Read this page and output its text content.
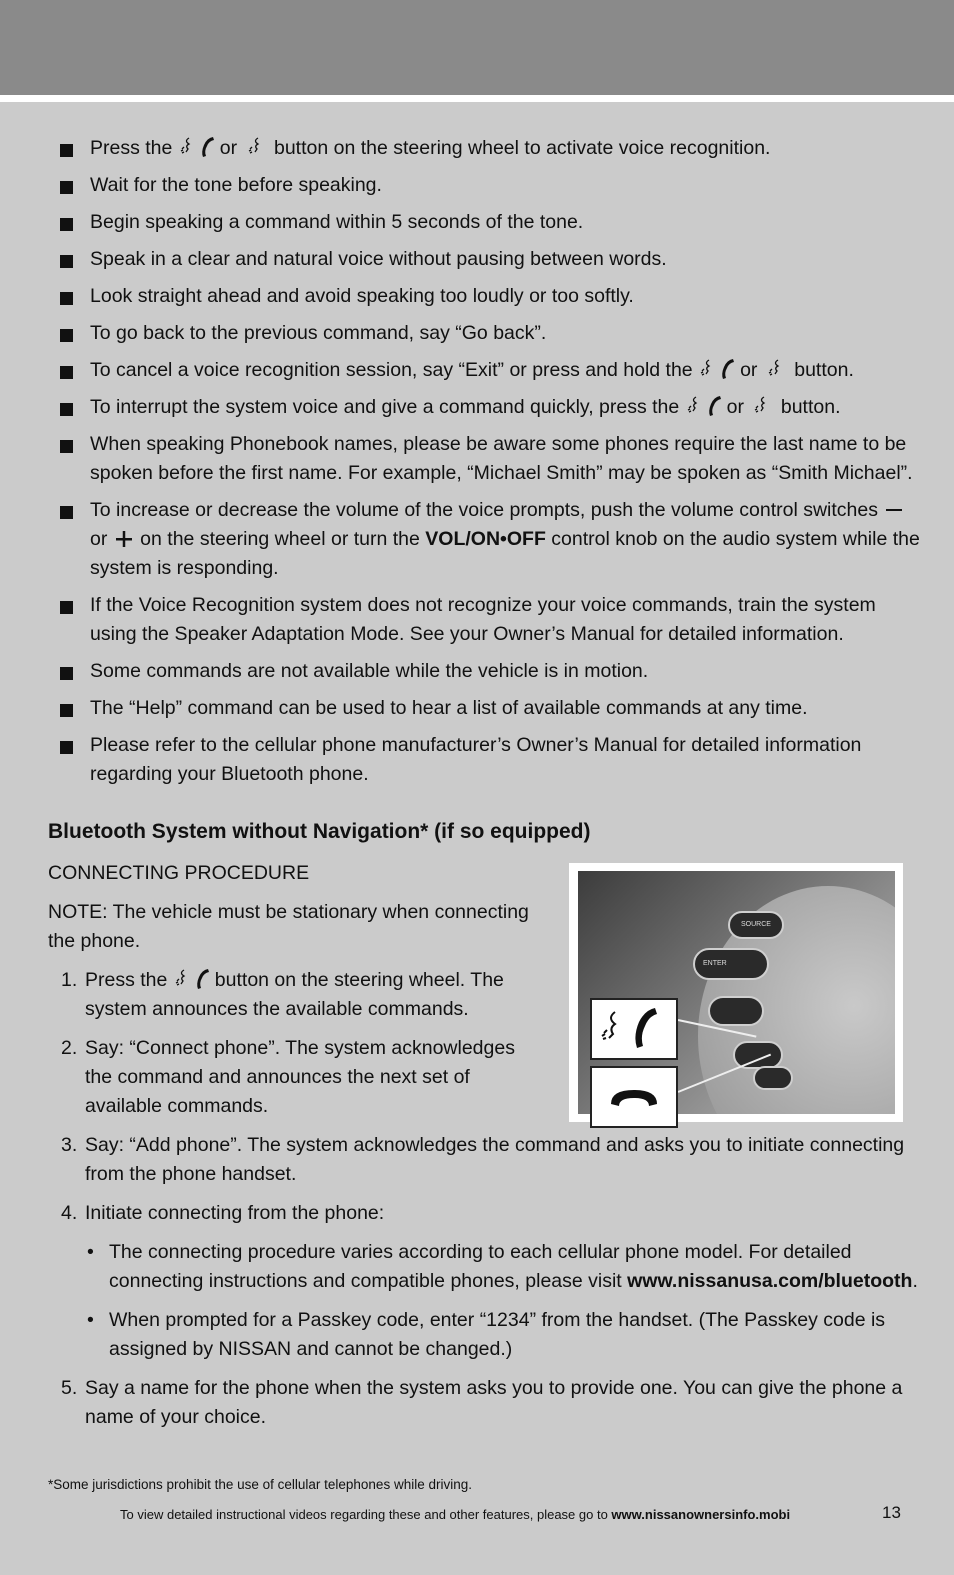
Press the
or
button on the steering wheel to activate voice recognition.
Wait for the tone before speaking.
Begin speaking a command within 5 seconds of the tone.
Speak in a clear and natural voice without pausing between words.
Look straight ahead and avoid speaking too loudly or too softly.
To go back to the previous command, say “Go back”.
To cancel a voice recognition session, say “Exit” or press and hold the
or
button.
To interrupt the system voice and give a command quickly, press the
or
button.
When speaking Phonebook names, please be aware some phones require the last name to be spoken before the first name. For example, “Michael Smith” may be spoken as “Smith Michael”.
To increase or decrease the volume of the voice prompts, push the volume control switches
or
on the steering wheel or turn the VOL/ON•OFF control knob on the audio system while the system is responding.
If the Voice Recognition system does not recognize your voice commands, train the system using the Speaker Adaptation Mode. See your Owner’s Manual for detailed information.
Some commands are not available while the vehicle is in motion.
The “Help” command can be used to hear a list of available commands at any time.
Please refer to the cellular phone manufacturer’s Owner’s Manual for detailed information regarding your Bluetooth phone.
Bluetooth System without Navigation* (if so equipped)
CONNECTING PROCEDURE
NOTE: The vehicle must be stationary when connecting the phone.
1. Press the
button on the steering wheel. The system announces the available commands.
2. Say: “Connect phone”. The system acknowledges the command and announces the next set of available commands.
3. Say: “Add phone”. The system acknowledges the command and asks you to initiate connecting from the phone handset.
4. Initiate connecting from the phone:
• The connecting procedure varies according to each cellular phone model. For detailed connecting instructions and compatible phones, please visit www.nissanusa.com/bluetooth.
• When prompted for a Passkey code, enter “1234” from the handset. (The Passkey code is assigned by NISSAN and cannot be changed.)
5. Say a name for the phone when the system asks you to provide one. You can give the phone a name of your choice.
SOURCE
ENTER
*Some jurisdictions prohibit the use of cellular telephones while driving.
To view detailed instructional videos regarding these and other features, please go to www.nissanownersinfo.mobi	13
